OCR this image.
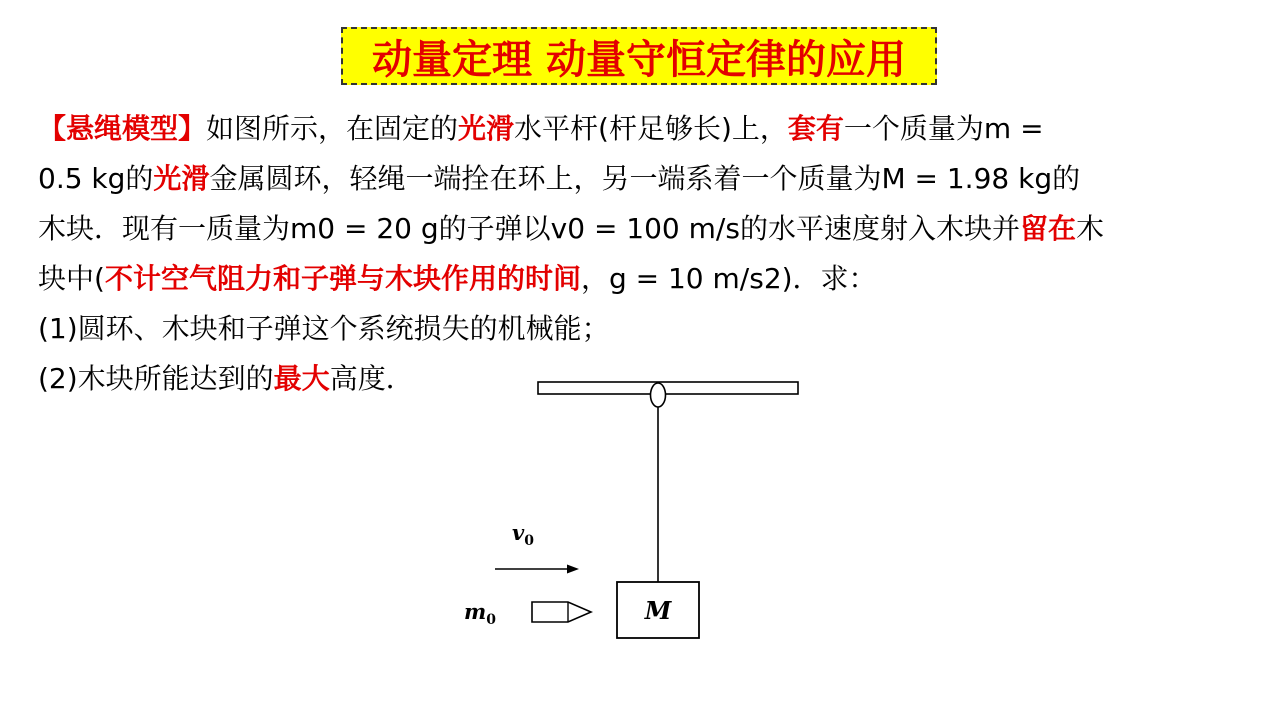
动量定理 动量守恒定律的应用
【悬绳模型】如图所示，在固定的光滑水平杆(杆足够长)上，套有一个质量为m =
0.5 kg的光滑金属圆环，轻绳一端拴在环上，另一端系着一个质量为M = 1.98 kg的
木块．现有一质量为m0 = 20 g的子弹以v0 = 100 m/s的水平速度射入木块并留在木
块中(不计空气阻力和子弹与木块作用的时间，g = 10 m/s2)．求：
(1)圆环、木块和子弹这个系统损失的机械能；
(2)木块所能达到的最大高度．
M
$v_0$
$m_0$
